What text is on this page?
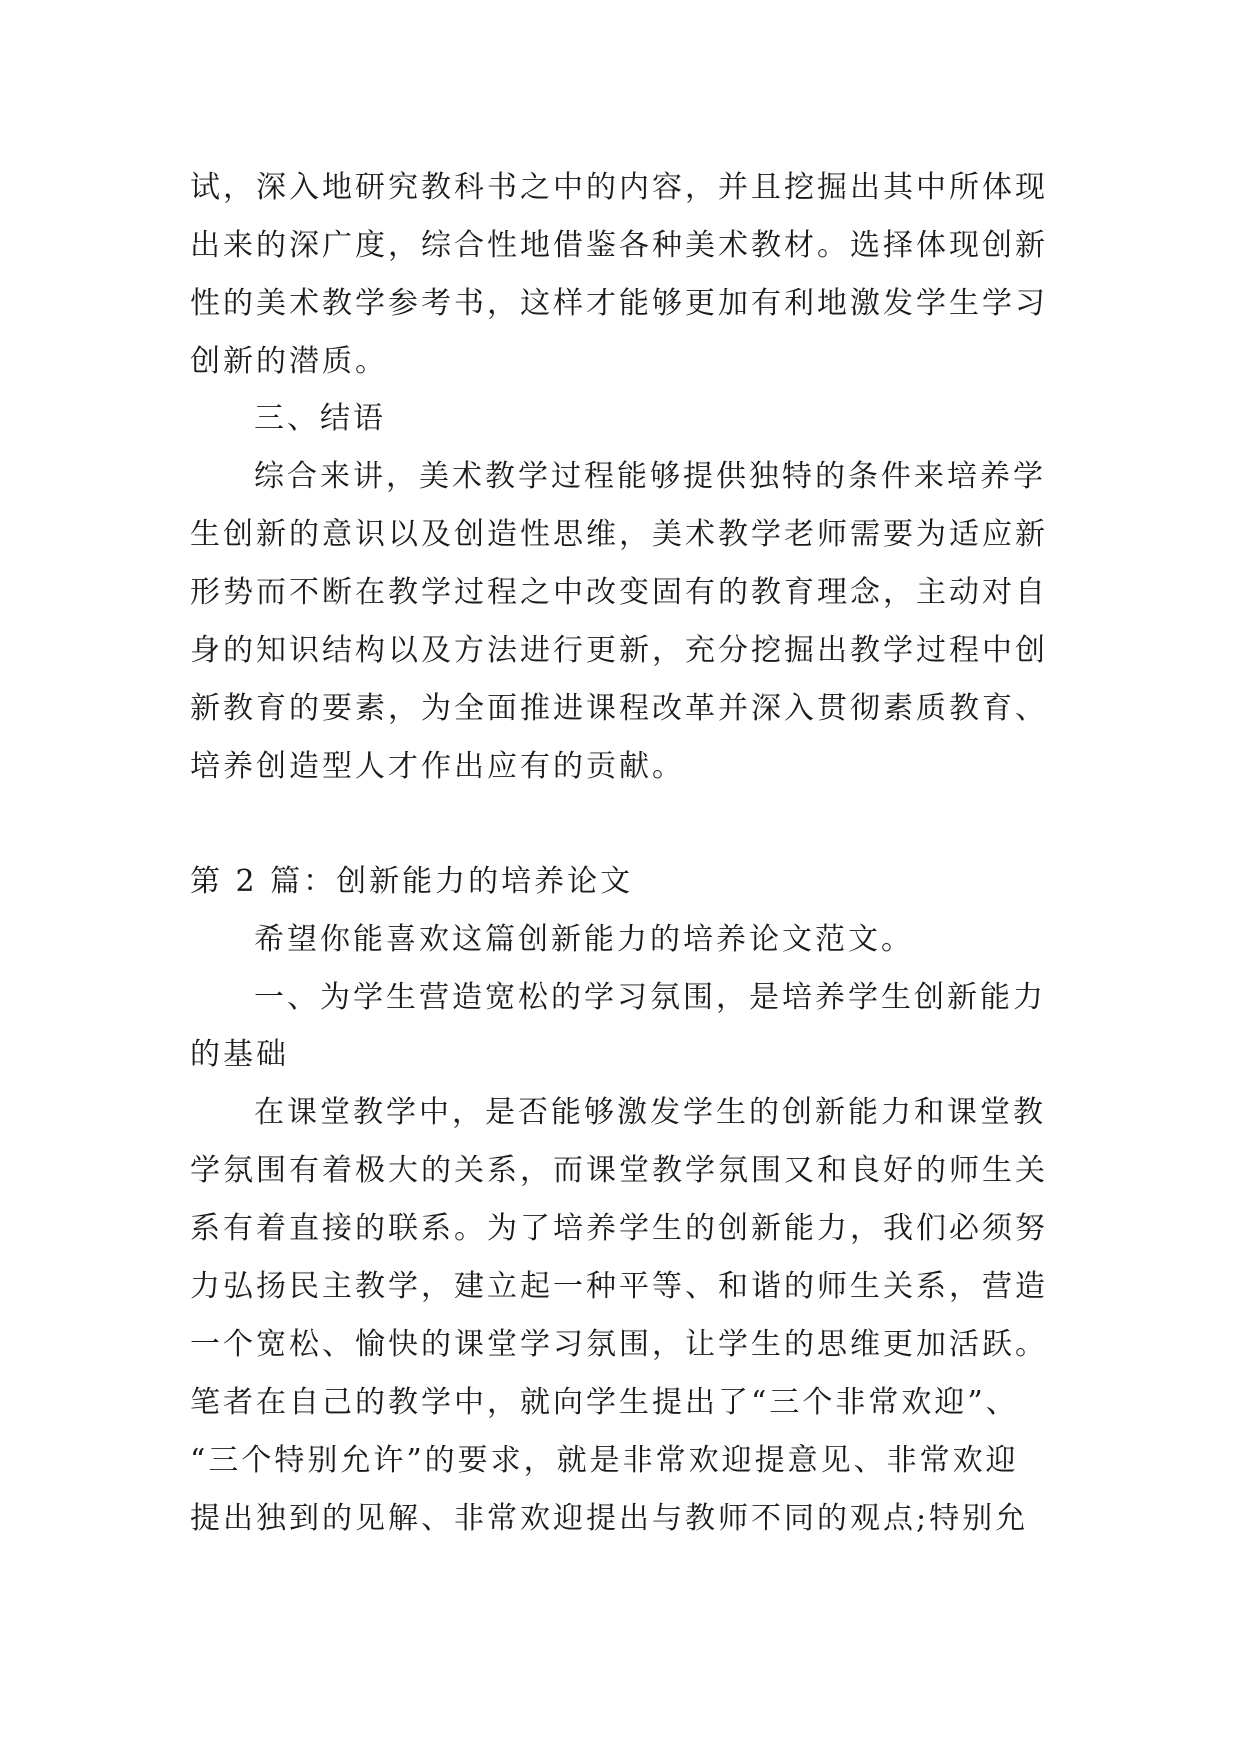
试，深入地研究教科书之中的内容，并且挖掘出其中所体现
出来的深广度，综合性地借鉴各种美术教材。选择体现创新
性的美术教学参考书，这样才能够更加有利地激发学生学习
创新的潜质。
三、结语
综合来讲，美术教学过程能够提供独特的条件来培养学
生创新的意识以及创造性思维，美术教学老师需要为适应新
形势而不断在教学过程之中改变固有的教育理念，主动对自
身的知识结构以及方法进行更新，充分挖掘出教学过程中创
新教育的要素，为全面推进课程改革并深入贯彻素质教育、
培养创造型人才作出应有的贡献。
第 2 篇：创新能力的培养论文
希望你能喜欢这篇创新能力的培养论文范文。
一、为学生营造宽松的学习氛围，是培养学生创新能力
的基础
在课堂教学中，是否能够激发学生的创新能力和课堂教
学氛围有着极大的关系，而课堂教学氛围又和良好的师生关
系有着直接的联系。为了培养学生的创新能力，我们必须努
力弘扬民主教学，建立起一种平等、和谐的师生关系，营造
一个宽松、愉快的课堂学习氛围，让学生的思维更加活跃。
笔者在自己的教学中，就向学生提出了“三个非常欢迎”、
“三个特别允许”的要求，就是非常欢迎提意见、非常欢迎
提出独到的见解、非常欢迎提出与教师不同的观点;特别允
